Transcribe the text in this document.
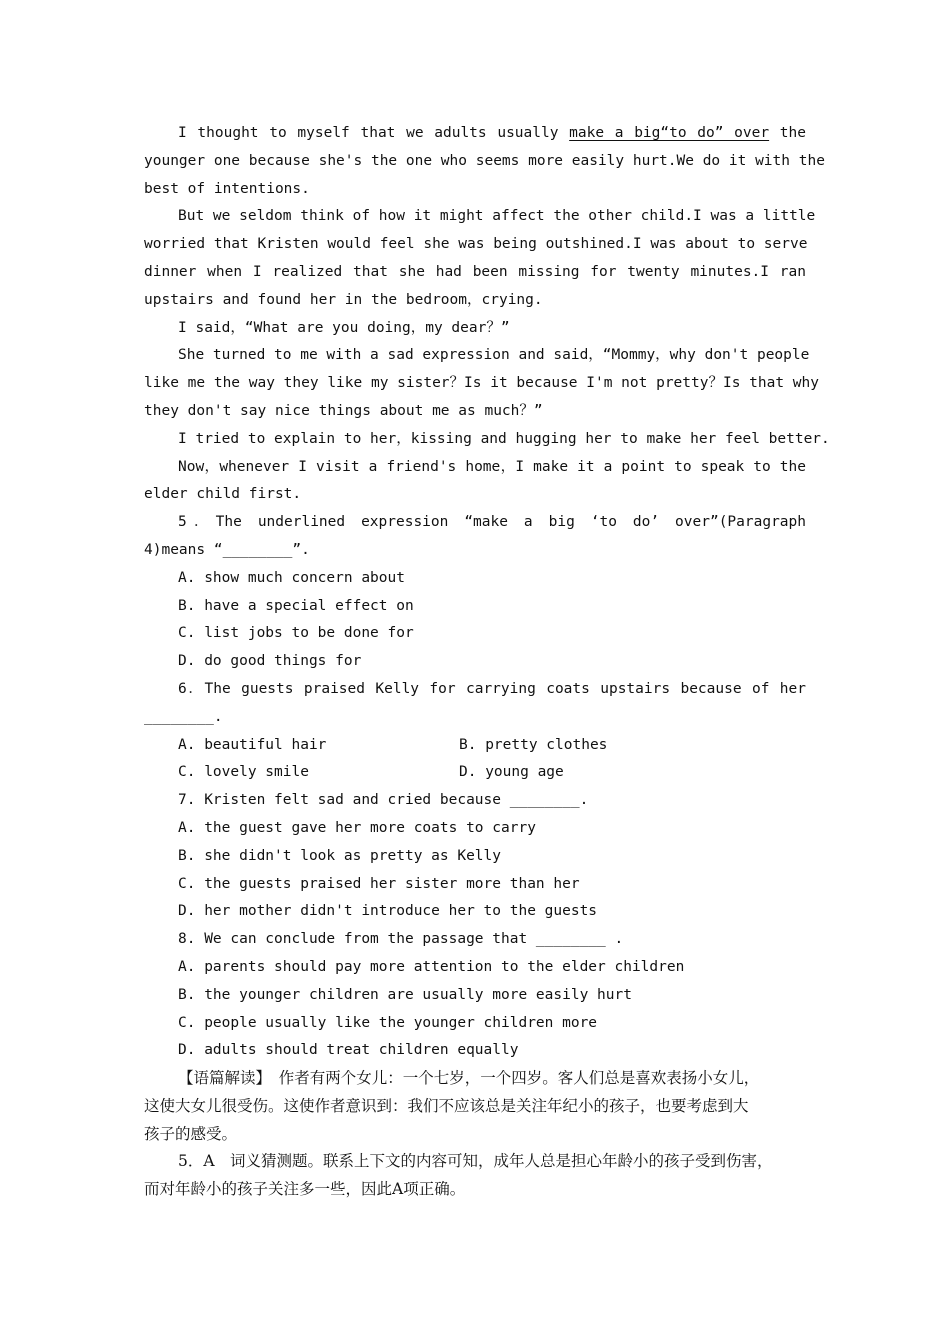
I thought to myself that we adults usually make a big“to do” over the
younger one because she's the one who seems more easily hurt.We do it with the
best of intentions.
But we seldom think of how it might affect the other child.I was a little
worried that Kristen would feel she was being outshined.I was about to serve
dinner when I realized that she had been missing for twenty minutes.I ran
upstairs and found her in the bedroom，crying.
I said，“What are you doing，my dear？”
She turned to me with a sad expression and said，“Mommy，why don't people
like me the way they like my sister？Is it because I'm not pretty？Is that why
they don't say nice things about me as much？”
I tried to explain to her，kissing and hugging her to make her feel better.
Now，whenever I visit a friend's home，I make it a point to speak to the
elder child first.
5．The underlined expression “make a big ‘to do’ over”(Paragraph
4)means “________”.
A. show much concern about
B. have a special effect on
C. list jobs to be done for
D. do good things for
6．The guests praised Kelly for carrying coats upstairs because of her
________.
A. beautiful hair	B. pretty clothes
C. lovely smile	D. young age
7. Kristen felt sad and cried because ________.
A. the guest gave her more coats to carry
B. she didn't look as pretty as Kelly
C. the guests praised her sister more than her
D. her mother didn't introduce her to the guests
8. We can conclude from the passage that ________ .
A. parents should pay more attention to the elder children
B. the younger children are usually more easily hurt
C. people usually like the younger children more
D. adults should treat children equally
【语篇解读】　作者有两个女儿：一个七岁，一个四岁。客人们总是喜欢表扬小女儿，
这使大女儿很受伤。这使作者意识到：我们不应该总是关注年纪小的孩子，也要考虑到大
孩子的感受。
5．A　词义猜测题。联系上下文的内容可知，成年人总是担心年龄小的孩子受到伤害，
而对年龄小的孩子关注多一些，因此A项正确。
